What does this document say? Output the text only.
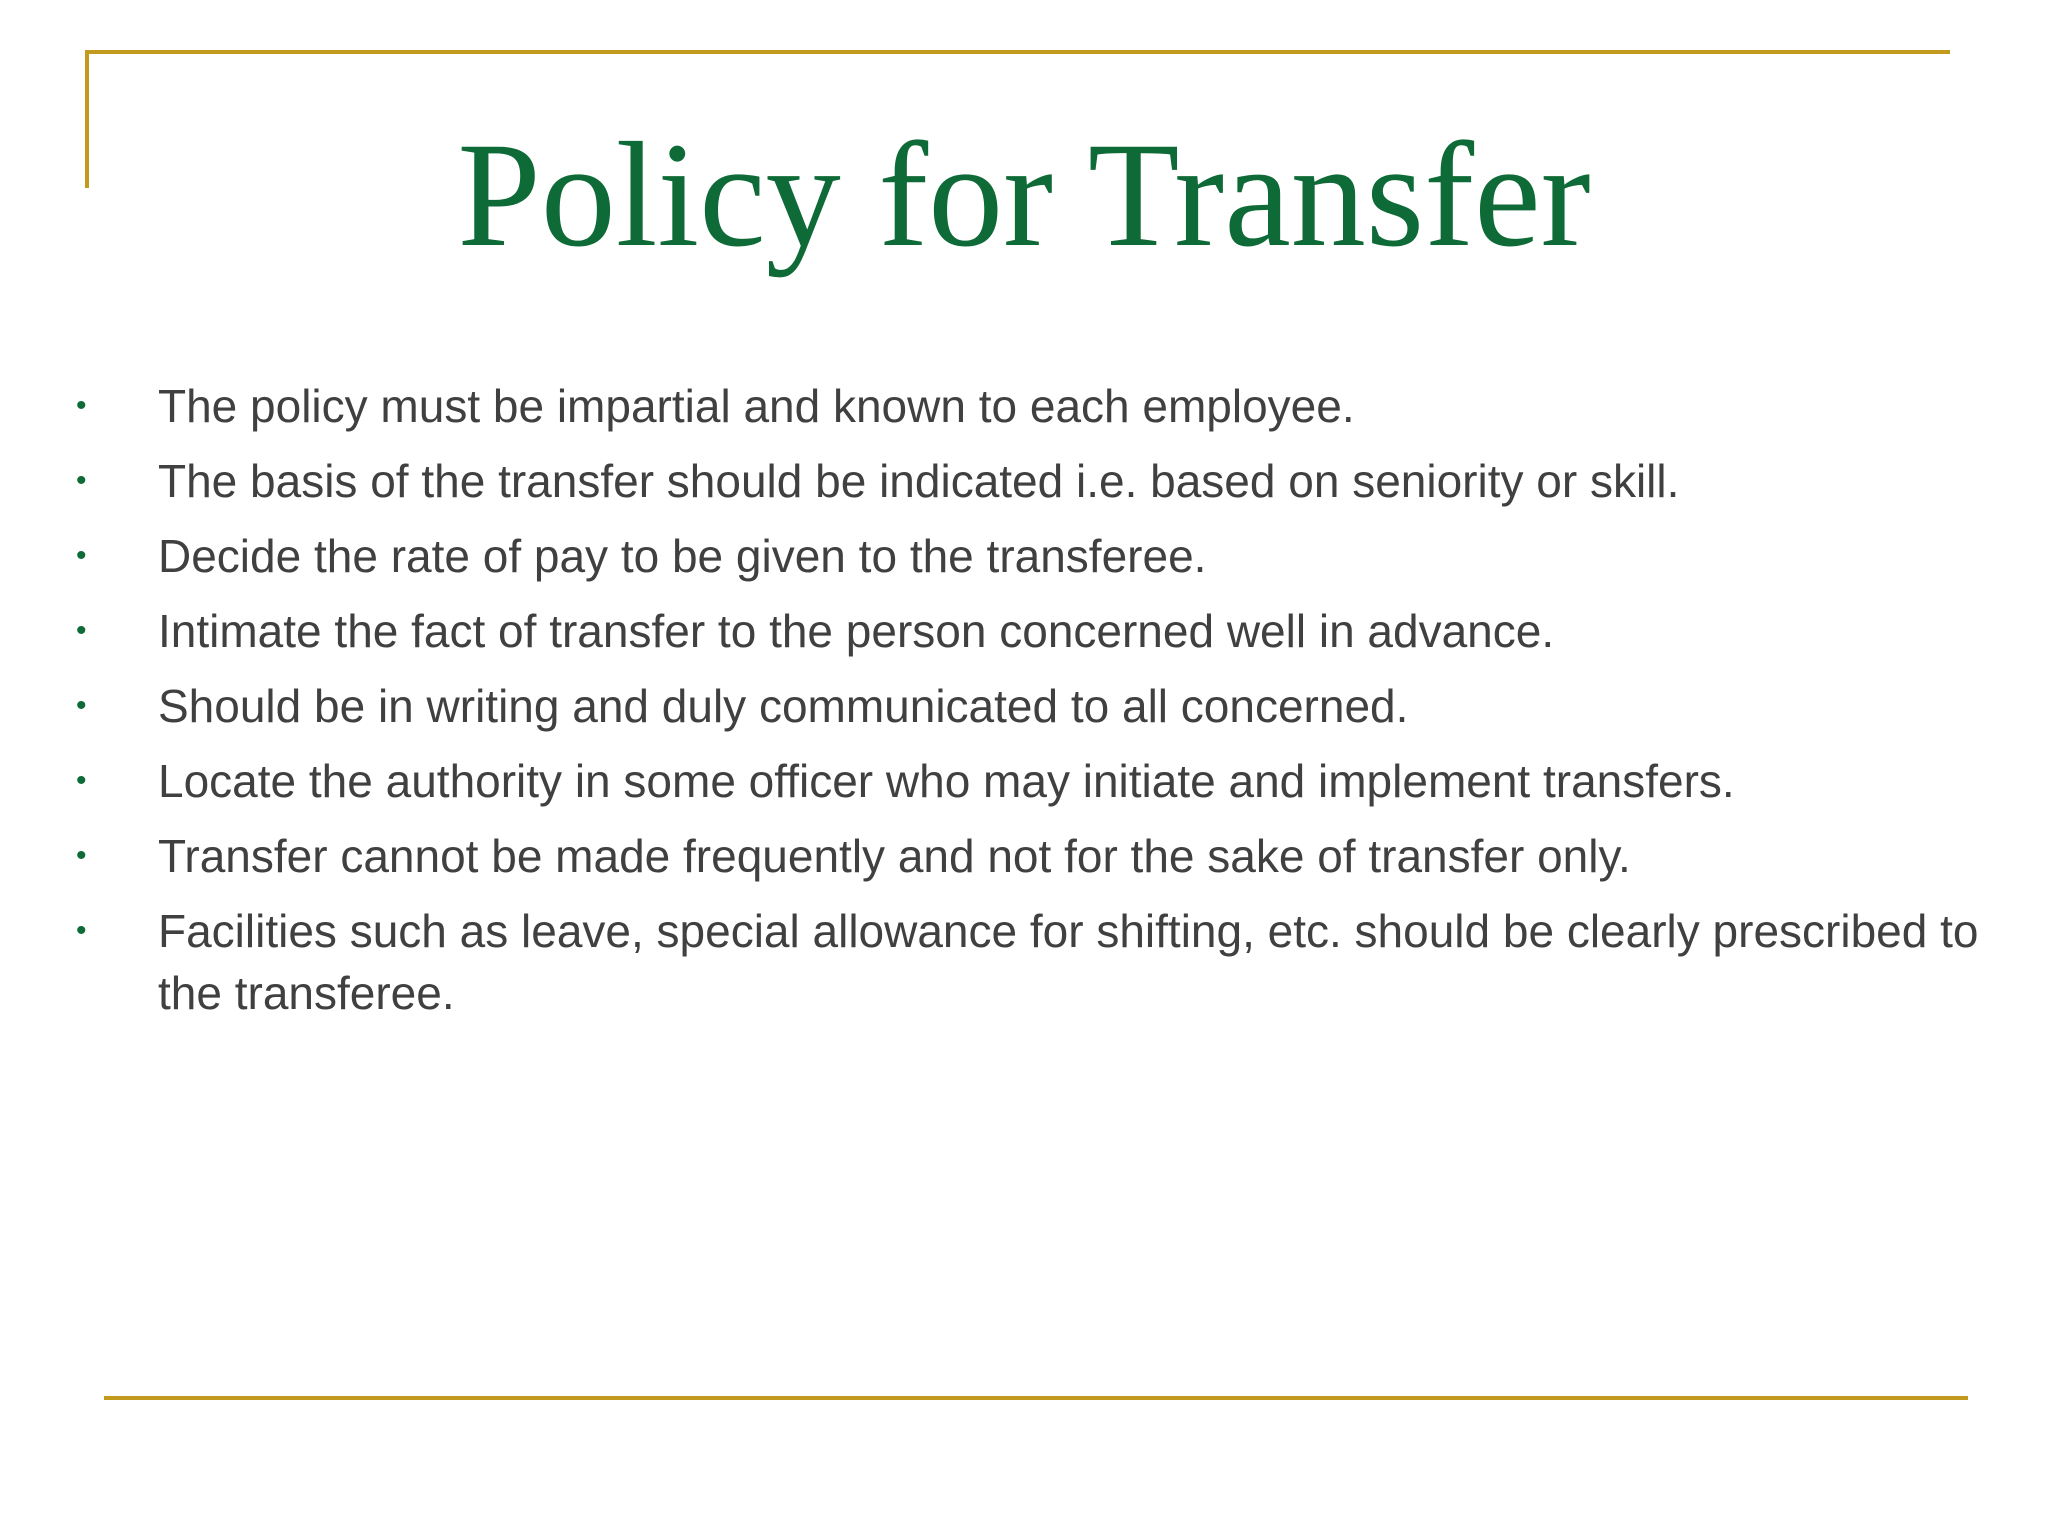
Policy for Transfer
• The policy must be impartial and known to each employee.
• The basis of the transfer should be indicated i.e. based on seniority or skill.
• Decide the rate of pay to be given to the transferee.
• Intimate the fact of transfer to the person concerned well in advance.
• Should be in writing and duly communicated to all concerned.
• Locate the authority in some officer who may initiate and implement transfers.
• Transfer cannot be made frequently and not for the sake of transfer only.
• Facilities such as leave, special allowance for shifting, etc. should be clearly prescribed to the transferee.
